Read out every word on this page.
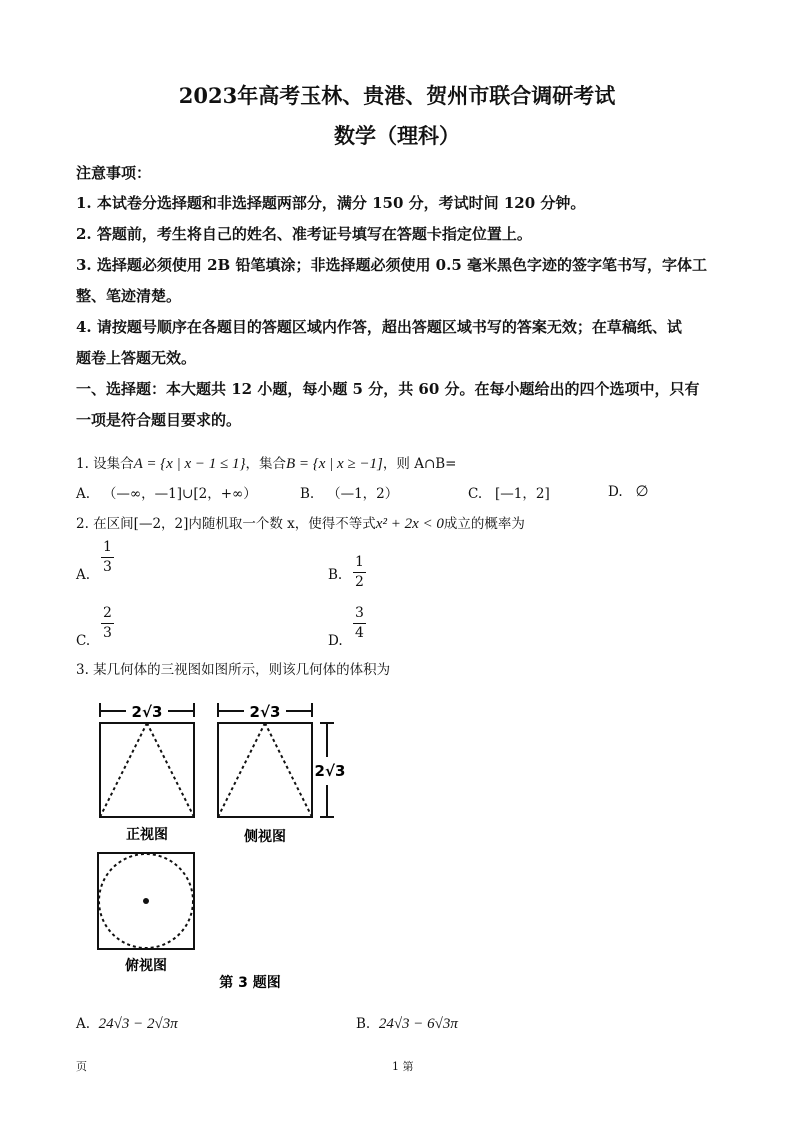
2023年高考玉林、贵港、贺州市联合调研考试
数学（理科）
注意事项：
1. 本试卷分选择题和非选择题两部分，满分 150 分，考试时间 120 分钟。
2. 答题前，考生将自己的姓名、准考证号填写在答题卡指定位置上。
3. 选择题必须使用 2B 铅笔填涂；非选择题必须使用 0.5 毫米黑色字迹的签字笔书写，字体工
整、笔迹清楚。
4. 请按题号顺序在各题目的答题区域内作答，超出答题区域书写的答案无效；在草稿纸、试
题卷上答题无效。
一、选择题：本大题共 12 小题，每小题 5 分，共 60 分。在每小题给出的四个选项中，只有
一项是符合题目要求的。
1. 设集合A = {x | x − 1 ≤ 1}，集合B = {x | x ≥ −1]，则 A∩B=
A. （—∞，—1]∪[2，+∞）	B. （—1，2）	C. [—1，2]	D. ∅
2. 在区间[—2，2]内随机取一个数 x，使得不等式x² + 2x < 0成立的概率为
A.
$\frac{1}{3}$
B. $\frac{1}{2}$
C.
$\frac{2}{3}$
D.
$\frac{3}{4}$
3. 某几何体的三视图如图所示，则该几何体的体积为
2√3
正视图
2√3
2√3
侧视图
俯视图
第 3 题图
A. 24√3 − 2√3π	B. 24√3 − 6√3π
页	1 第
